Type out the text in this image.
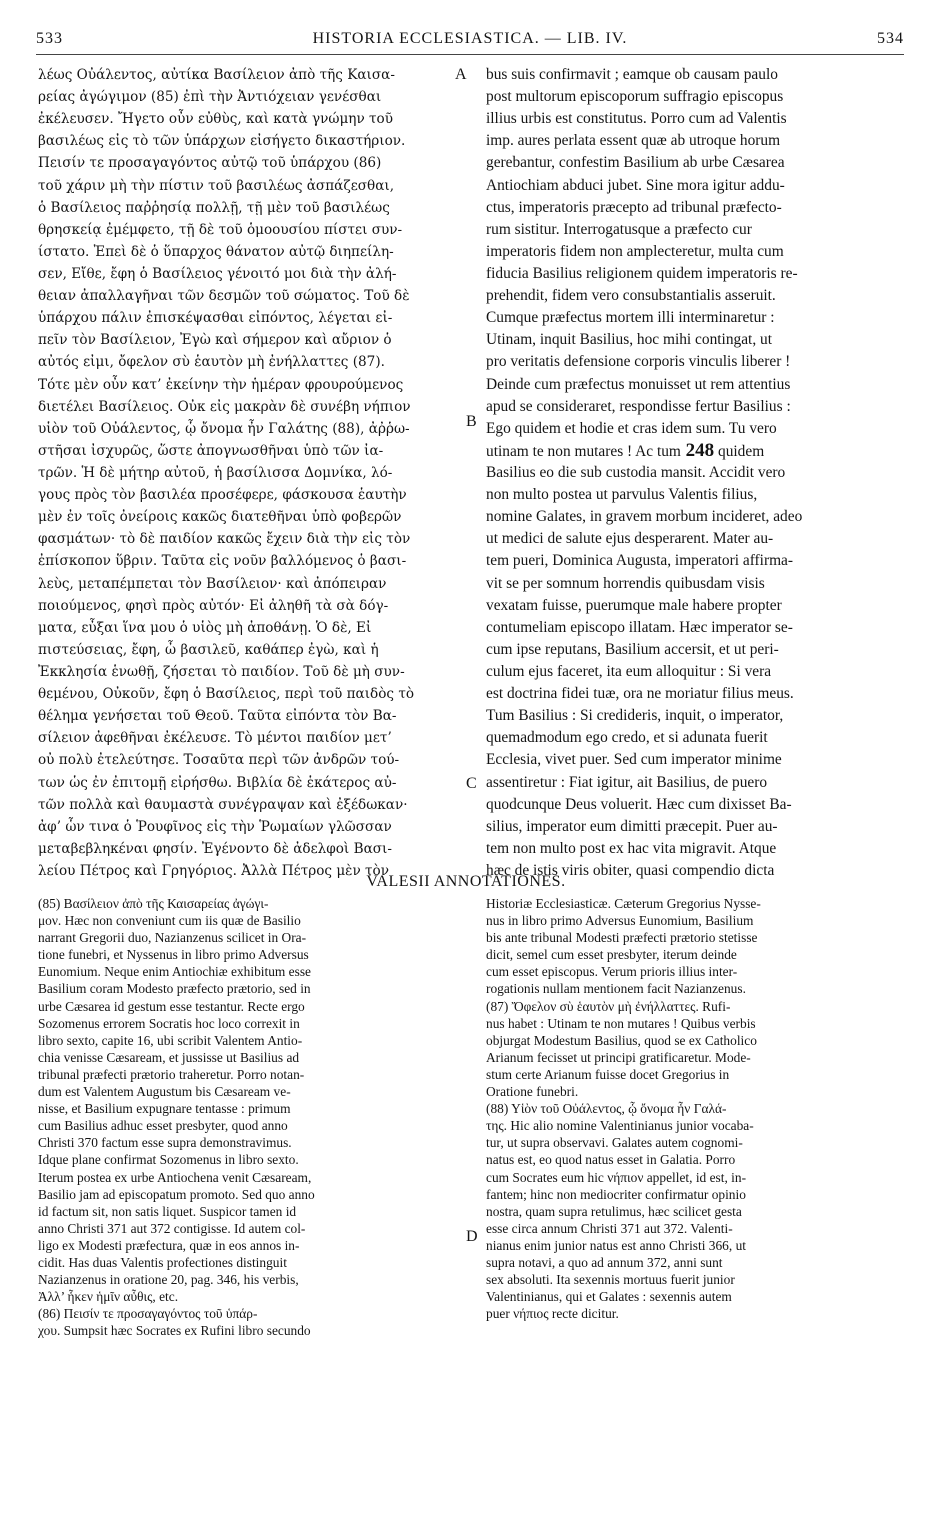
533	HISTORIA ECCLESIASTICA. — LIB. IV.	534
λέως Οὐάλεντος, αὐτίκα Βασίλειον ἀπὸ τῆς Καισα-
ρείας ἀγώγιμον (85) ἐπὶ τὴν Ἀντιόχειαν γενέσθαι
ἐκέλευσεν. Ἤγετο οὖν εὐθὺς, καὶ κατὰ γνώμην τοῦ
βασιλέως εἰς τὸ τῶν ὑπάρχων εἰσήγετο δικαστήριον.
Πεισίν τε προσαγαγόντος αὐτῷ τοῦ ὑπάρχου (86)
τοῦ χάριν μὴ τὴν πίστιν τοῦ βασιλέως ἀσπάζεσθαι,
ὁ Βασίλειος παῤῥησίᾳ πολλῇ, τῇ μὲν τοῦ βασιλέως
θρησκείᾳ ἐμέμφετο, τῇ δὲ τοῦ ὁμοουσίου πίστει συν-
ίστατο. Ἐπεὶ δὲ ὁ ὕπαρχος θάνατον αὐτῷ διηπείλη-
σεν, Εἴθε, ἔφη ὁ Βασίλειος γένοιτό μοι διὰ τὴν ἀλή-
θειαν ἀπαλλαγῆναι τῶν δεσμῶν τοῦ σώματος. Τοῦ δὲ
ὑπάρχου πάλιν ἐπισκέψασθαι εἰπόντος, λέγεται εἰ-
πεῖν τὸν Βασίλειον, Ἐγὼ καὶ σήμερον καὶ αὔριον ὁ
αὐτός εἰμι, ὄφελον σὺ ἑαυτὸν μὴ ἐνήλλαττες (87).
Τότε μὲν οὖν κατ’ ἐκείνην τὴν ἡμέραν φρουρούμενος
διετέλει Βασίλειος. Οὐκ εἰς μακρὰν δὲ συνέβη νήπιον
υἱὸν τοῦ Οὐάλεντος, ᾧ ὄνομα ἦν Γαλάτης (88), ἀῤῥω-
στῆσαι ἰσχυρῶς, ὥστε ἀπογνωσθῆναι ὑπὸ τῶν ἰα-
τρῶν. Ἡ δὲ μήτηρ αὐτοῦ, ἡ βασίλισσα Δομνίκα, λό-
γους πρὸς τὸν βασιλέα προσέφερε, φάσκουσα ἑαυτὴν
μὲν ἐν τοῖς ὀνείροις κακῶς διατεθῆναι ὑπὸ φοβερῶν
φασμάτων· τὸ δὲ παιδίον κακῶς ἔχειν διὰ τὴν εἰς τὸν
ἐπίσκοπον ὕβριν. Ταῦτα εἰς νοῦν βαλλόμενος ὁ βασι-
λεὺς, μεταπέμπεται τὸν Βασίλειον· καὶ ἀπόπειραν
ποιούμενος, φησὶ πρὸς αὐτόν· Εἰ ἀληθῆ τὰ σὰ δόγ-
ματα, εὖξαι ἵνα μου ὁ υἱὸς μὴ ἀποθάνῃ. Ὁ δὲ, Εἰ
πιστεύσειας, ἔφη, ὦ βασιλεῦ, καθάπερ ἐγὼ, καὶ ἡ
Ἐκκλησία ἑνωθῇ, ζήσεται τὸ παιδίον. Τοῦ δὲ μὴ συν-
θεμένου, Οὐκοῦν, ἔφη ὁ Βασίλειος, περὶ τοῦ παιδὸς τὸ
θέλημα γενήσεται τοῦ Θεοῦ. Ταῦτα εἰπόντα τὸν Βα-
σίλειον ἀφεθῆναι ἐκέλευσε. Τὸ μέντοι παιδίον μετ’
οὐ πολὺ ἐτελεύτησε. Τοσαῦτα περὶ τῶν ἀνδρῶν τού-
των ὡς ἐν ἐπιτομῇ εἰρήσθω. Βιβλία δὲ ἑκάτερος αὐ-
τῶν πολλὰ καὶ θαυμαστὰ συνέγραψαν καὶ ἐξέδωκαν·
ἀφ’ ὧν τινα ὁ Ῥουφῖνος εἰς τὴν Ῥωμαίων γλῶσσαν
μεταβεβληκέναι φησίν. Ἐγένοντο δὲ ἀδελφοὶ Βασι-
λείου Πέτρος καὶ Γρηγόριος. Ἀλλὰ Πέτρος μὲν τὸν
bus suis confirmavit ; eamque ob causam paulo
post multorum episcoporum suffragio episcopus
illius urbis est constitutus. Porro cum ad Valentis
imp. aures perlata essent quæ ab utroque horum
gerebantur, confestim Basilium ab urbe Cæsarea
Antiochiam abduci jubet. Sine mora igitur addu-
ctus, imperatoris præcepto ad tribunal præfecto-
rum sistitur. Interrogatusque a præfecto cur
imperatoris fidem non amplecteretur, multa cum
fiducia Basilius religionem quidem imperatoris re-
prehendit, fidem vero consubstantialis asseruit.
Cumque præfectus mortem illi interminaretur :
Utinam, inquit Basilius, hoc mihi contingat, ut
pro veritatis defensione corporis vinculis liberer !
Deinde cum præfectus monuisset ut rem attentius
apud se consideraret, respondisse fertur Basilius :
Ego quidem et hodie et cras idem sum. Tu vero
utinam te non mutares ! Ac tum 248 quidem
Basilius eo die sub custodia mansit. Accidit vero
non multo postea ut parvulus Valentis filius,
nomine Galates, in gravem morbum incideret, adeo
ut medici de salute ejus desperarent. Mater au-
tem pueri, Dominica Augusta, imperatori affirma-
vit se per somnum horrendis quibusdam visis
vexatam fuisse, puerumque male habere propter
contumeliam episcopo illatam. Hæc imperator se-
cum ipse reputans, Basilium accersit, et ut peri-
culum ejus faceret, ita eum alloquitur : Si vera
est doctrina fidei tuæ, ora ne moriatur filius meus.
Tum Basilius : Si credideris, inquit, o imperator,
quemadmodum ego credo, et si adunata fuerit
Ecclesia, vivet puer. Sed cum imperator minime
assentiretur : Fiat igitur, ait Basilius, de puero
quodcunque Deus voluerit. Hæc cum dixisset Ba-
silius, imperator eum dimitti præcepit. Puer au-
tem non multo post ex hac vita migravit. Atque
hæc de istis viris obiter, quasi compendio dicta
A
B
C
D
VALESII ANNOTATIONES.
(85) Βασίλειον ἀπὸ τῆς Καισαρείας ἀγώγι-
μον. Hæc non conveniunt cum iis quæ de Basilio
narrant Gregorii duo, Nazianzenus scilicet in Ora-
tione funebri, et Nyssenus in libro primo Adversus
Eunomium. Neque enim Antiochiæ exhibitum esse
Basilium coram Modesto præfecto prætorio, sed in
urbe Cæsarea id gestum esse testantur. Recte ergo
Sozomenus errorem Socratis hoc loco correxit in
libro sexto, capite 16, ubi scribit Valentem Antio-
chia venisse Cæsaream, et jussisse ut Basilius ad
tribunal præfecti prætorio traheretur. Porro notan-
dum est Valentem Augustum bis Cæsaream ve-
nisse, et Basilium expugnare tentasse : primum
cum Basilius adhuc esset presbyter, quod anno
Christi 370 factum esse supra demonstravimus.
Idque plane confirmat Sozomenus in libro sexto.
Iterum postea ex urbe Antiochena venit Cæsaream,
Basilio jam ad episcopatum promoto. Sed quo anno
id factum sit, non satis liquet. Suspicor tamen id
anno Christi 371 aut 372 contigisse. Id autem col-
ligo ex Modesti præfectura, quæ in eos annos in-
cidit. Has duas Valentis profectiones distinguit
Nazianzenus in oratione 20, pag. 346, his verbis,
Ἀλλ’ ἧκεν ἡμῖν αὖθις, etc.
(86) Πεισίν τε προσαγαγόντος τοῦ ὑπάρ-
χου. Sumpsit hæc Socrates ex Rufini libro secundo
Historiæ Ecclesiasticæ. Cæterum Gregorius Nysse-
nus in libro primo Adversus Eunomium, Basilium
bis ante tribunal Modesti præfecti prætorio stetisse
dicit, semel cum esset presbyter, iterum deinde
cum esset episcopus. Verum prioris illius inter-
rogationis nullam mentionem facit Nazianzenus.
(87) Ὄφελον σὺ ἑαυτὸν μὴ ἐνήλλαττες. Rufi-
nus habet : Utinam te non mutares ! Quibus verbis
objurgat Modestum Basilius, quod se ex Catholico
Arianum fecisset ut principi gratificaretur. Mode-
stum certe Arianum fuisse docet Gregorius in
Oratione funebri.
(88) Υἱὸν τοῦ Οὐάλεντος, ᾧ ὄνομα ἦν Γαλά-
της. Hic alio nomine Valentinianus junior vocaba-
tur, ut supra observavi. Galates autem cognomi-
natus est, eo quod natus esset in Galatia. Porro
cum Socrates eum hic νήπιον appellet, id est, in-
fantem; hinc non mediocriter confirmatur opinio
nostra, quam supra retulimus, hæc scilicet gesta
esse circa annum Christi 371 aut 372. Valenti-
nianus enim junior natus est anno Christi 366, ut
supra notavi, a quo ad annum 372, anni sunt
sex absoluti. Ita sexennis mortuus fuerit junior
Valentinianus, qui et Galates : sexennis autem
puer νήπιος recte dicitur.
